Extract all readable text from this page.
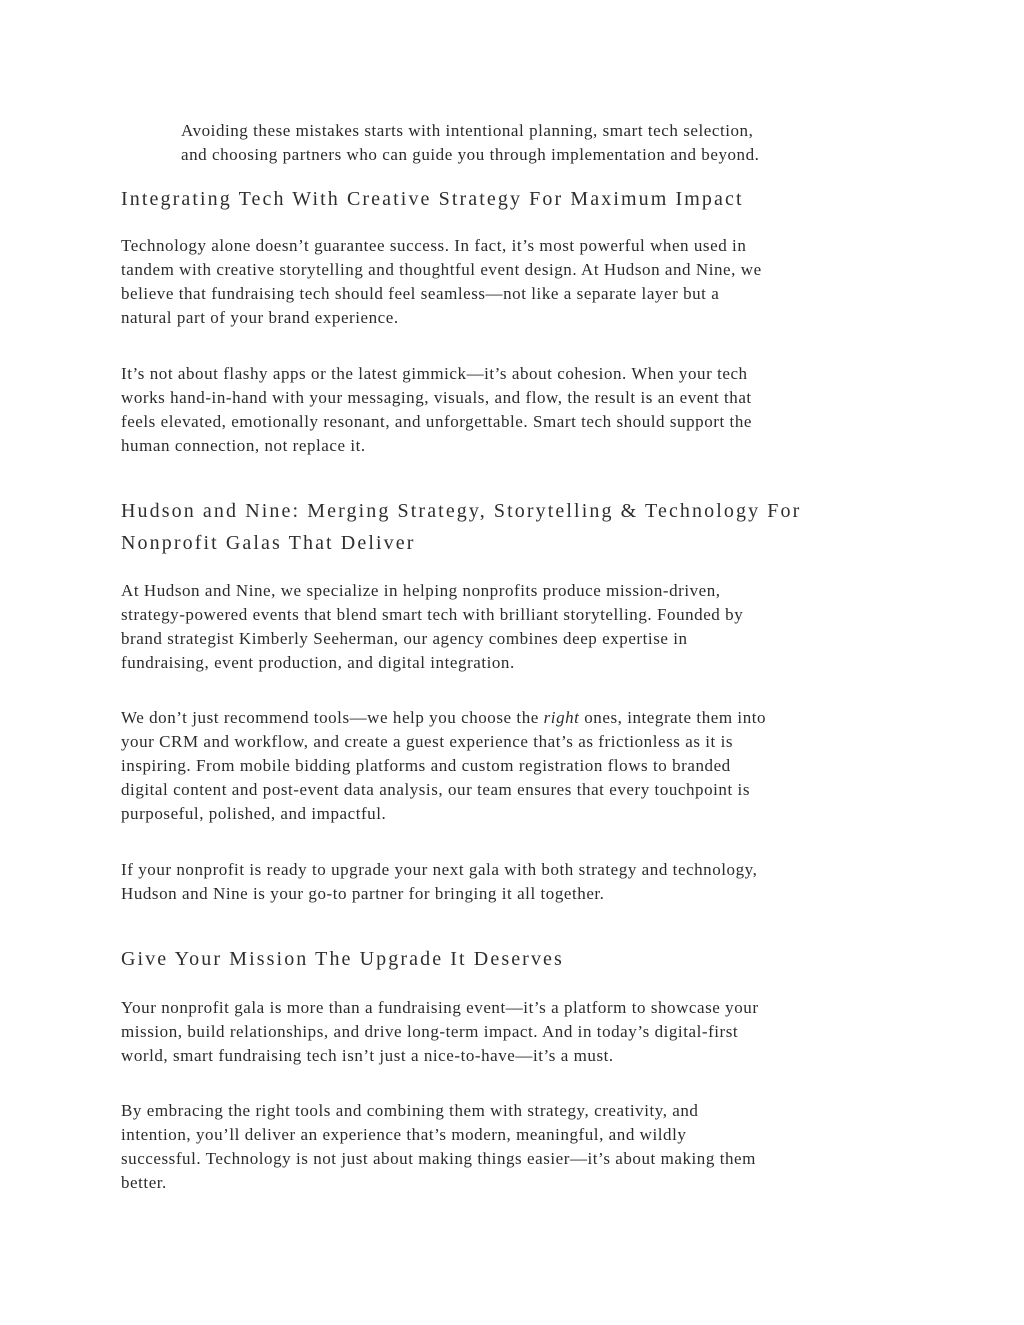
Avoiding these mistakes starts with intentional planning, smart tech selection,
and choosing partners who can guide you through implementation and beyond.

Integrating Tech With Creative Strategy For Maximum Impact

Technology alone doesn’t guarantee success. In fact, it’s most powerful when used in
tandem with creative storytelling and thoughtful event design. At Hudson and Nine, we
believe that fundraising tech should feel seamless—not like a separate layer but a
natural part of your brand experience.

It’s not about flashy apps or the latest gimmick—it’s about cohesion. When your tech
works hand-in-hand with your messaging, visuals, and flow, the result is an event that
feels elevated, emotionally resonant, and unforgettable. Smart tech should support the
human connection, not replace it.

Hudson and Nine: Merging Strategy, Storytelling & Technology For
Nonprofit Galas That Deliver

At Hudson and Nine, we specialize in helping nonprofits produce mission-driven,
strategy-powered events that blend smart tech with brilliant storytelling. Founded by
brand strategist Kimberly Seeherman, our agency combines deep expertise in
fundraising, event production, and digital integration.

We don’t just recommend tools—we help you choose the right ones, integrate them into
your CRM and workflow, and create a guest experience that’s as frictionless as it is
inspiring. From mobile bidding platforms and custom registration flows to branded
digital content and post-event data analysis, our team ensures that every touchpoint is
purposeful, polished, and impactful.

If your nonprofit is ready to upgrade your next gala with both strategy and technology,
Hudson and Nine is your go-to partner for bringing it all together.

Give Your Mission The Upgrade It Deserves

Your nonprofit gala is more than a fundraising event—it’s a platform to showcase your
mission, build relationships, and drive long-term impact. And in today’s digital-first
world, smart fundraising tech isn’t just a nice-to-have—it’s a must.

By embracing the right tools and combining them with strategy, creativity, and
intention, you’ll deliver an experience that’s modern, meaningful, and wildly
successful. Technology is not just about making things easier—it’s about making them
better.
